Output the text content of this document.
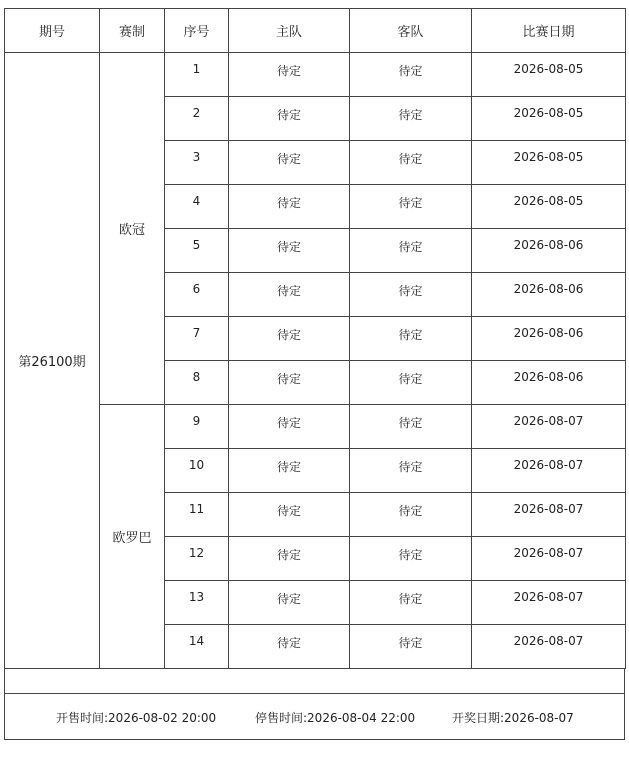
期号	赛制	序号	主队	客队	比赛日期
第26100期	欧冠	1	待定	待定	2026-08-05
		2	待定	待定	2026-08-05
		3	待定	待定	2026-08-05
		4	待定	待定	2026-08-05
		5	待定	待定	2026-08-06
		6	待定	待定	2026-08-06
		7	待定	待定	2026-08-06
		8	待定	待定	2026-08-06
	欧罗巴	9	待定	待定	2026-08-07
		10	待定	待定	2026-08-07
		11	待定	待定	2026-08-07
		12	待定	待定	2026-08-07
		13	待定	待定	2026-08-07
		14	待定	待定	2026-08-07
开售时间:2026-08-02 20:00	停售时间:2026-08-04 22:00	开奖日期:2026-08-07
